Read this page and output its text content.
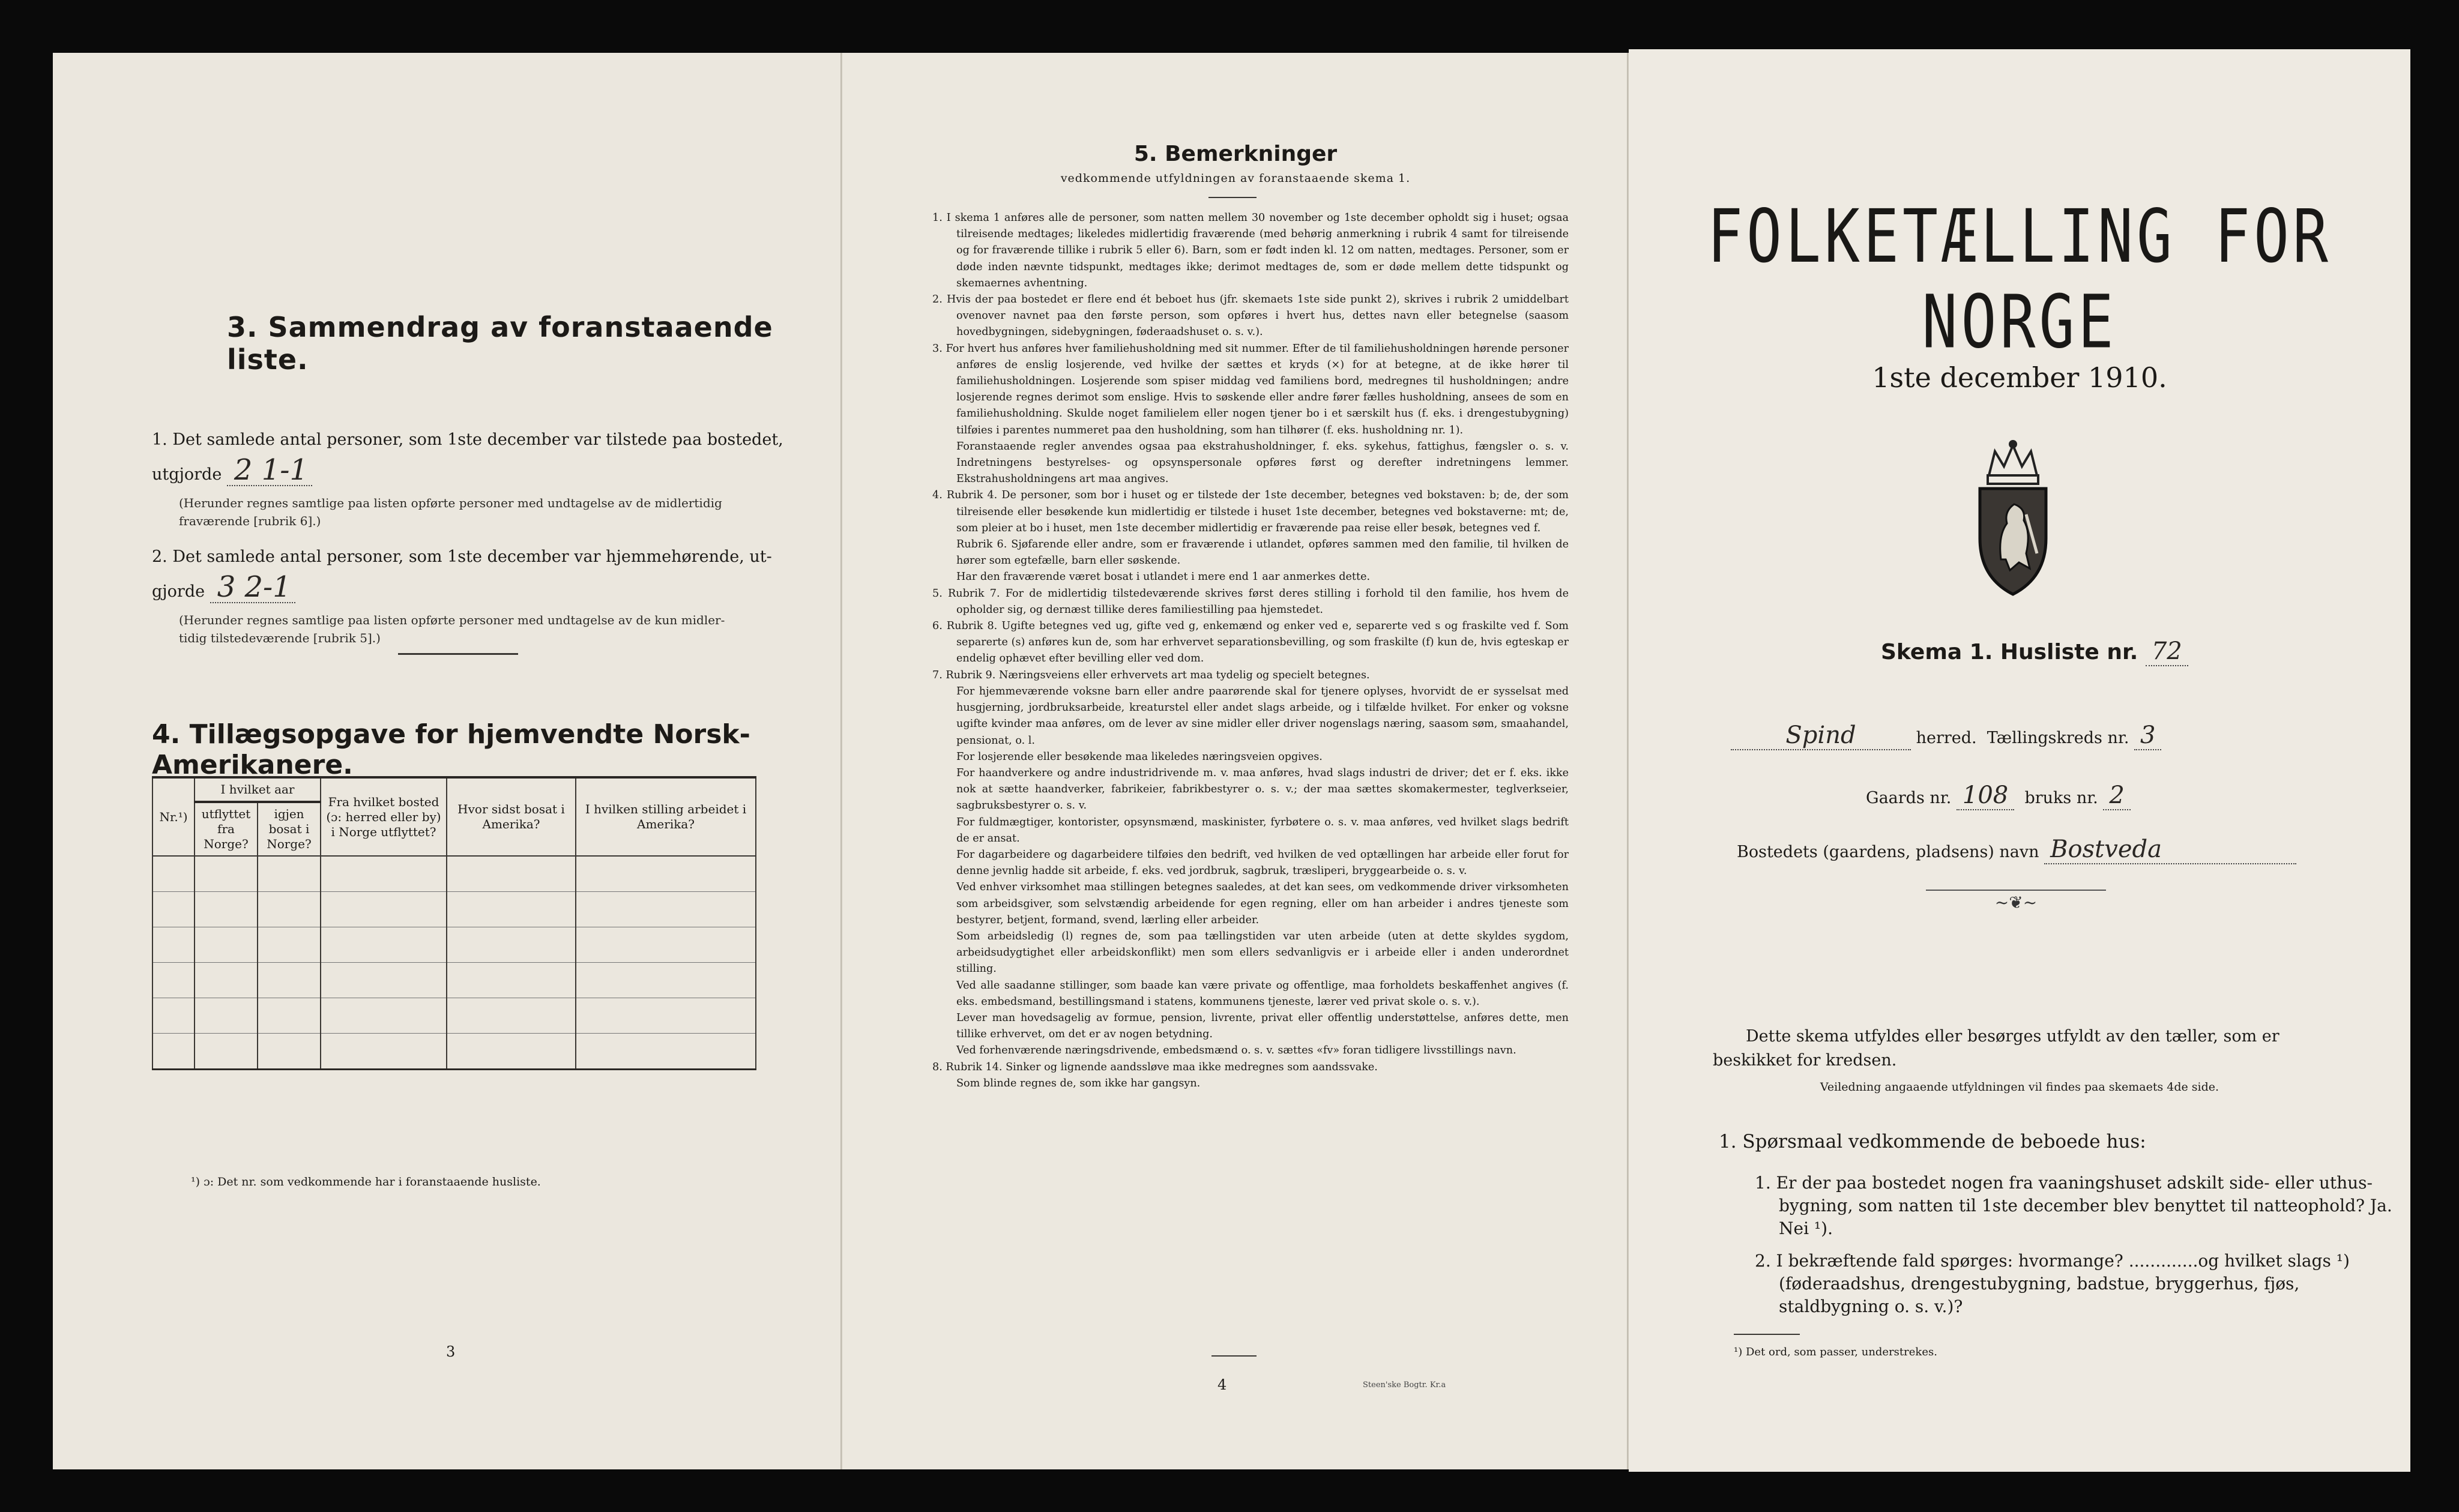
3. Sammendrag av foranstaaende liste.
1. Det samlede antal personer, som 1ste december var tilstede paa bostedet,
utgjorde 2 1-1
(Herunder regnes samtlige paa listen opførte personer med undtagelse av de midlertidig
fraværende [rubrik 6].)
2. Det samlede antal personer, som 1ste december var hjemmehørende, ut-
gjorde 3 2-1
(Herunder regnes samtlige paa listen opførte personer med undtagelse av de kun midler-
tidig tilstedeværende [rubrik 5].)
4. Tillægsopgave for hjemvendte Norsk-Amerikanere.
Nr.¹)	I hvilket aar		Fra hvilket bosted (ɔ: herred eller by) i Norge utflyttet?	Hvor sidst bosat i Amerika?	I hvilken stilling arbeidet i Amerika?
	utflyttet fra Norge?	igjen bosat i Norge?			

¹) ɔ: Det nr. som vedkommende har i foranstaaende husliste.
3
5. Bemerkninger
vedkommende utfyldningen av foranstaaende skema 1.

1. I skema 1 anføres alle de personer, som natten mellem 30 november og 1ste december opholdt sig i huset; ogsaa tilreisende medtages; likeledes midlertidig fraværende (med behørig anmerkning i rubrik 4 samt for tilreisende og for fraværende tillike i rubrik 5 eller 6). Barn, som er født inden kl. 12 om natten, medtages. Personer, som er døde inden nævnte tidspunkt, medtages ikke; derimot medtages de, som er døde mellem dette tidspunkt og skemaernes avhentning.

2. Hvis der paa bostedet er flere end ét beboet hus (jfr. skemaets 1ste side punkt 2), skrives i rubrik 2 umiddelbart ovenover navnet paa den første person, som opføres i hvert hus, dettes navn eller betegnelse (saasom hovedbygningen, sidebygningen, føderaadshuset o. s. v.).

3. For hvert hus anføres hver familiehusholdning med sit nummer. Efter de til familiehusholdningen hørende personer anføres de enslig losjerende, ved hvilke der sættes et kryds (×) for at betegne, at de ikke hører til familiehusholdningen. Losjerende som spiser middag ved familiens bord, medregnes til husholdningen; andre losjerende regnes derimot som enslige. Hvis to søskende eller andre fører fælles husholdning, ansees de som en familiehusholdning. Skulde noget familielem eller nogen tjener bo i et særskilt hus (f. eks. i drengestubygning) tilføies i parentes nummeret paa den husholdning, som han tilhører (f. eks. husholdning nr. 1).

Foranstaaende regler anvendes ogsaa paa ekstrahusholdninger, f. eks. sykehus, fattighus, fængsler o. s. v. Indretningens bestyrelses- og opsynspersonale opføres først og derefter indretningens lemmer. Ekstrahusholdningens art maa angives.

4. Rubrik 4. De personer, som bor i huset og er tilstede der 1ste december, betegnes ved bokstaven: b; de, der som tilreisende eller besøkende kun midlertidig er tilstede i huset 1ste december, betegnes ved bokstaverne: mt; de, som pleier at bo i huset, men 1ste december midlertidig er fraværende paa reise eller besøk, betegnes ved f.

Rubrik 6. Sjøfarende eller andre, som er fraværende i utlandet, opføres sammen med den familie, til hvilken de hører som egtefælle, barn eller søskende.

Har den fraværende været bosat i utlandet i mere end 1 aar anmerkes dette.

5. Rubrik 7. For de midlertidig tilstedeværende skrives først deres stilling i forhold til den familie, hos hvem de opholder sig, og dernæst tillike deres familiestilling paa hjemstedet.

6. Rubrik 8. Ugifte betegnes ved ug, gifte ved g, enkemænd og enker ved e, separerte ved s og fraskilte ved f. Som separerte (s) anføres kun de, som har erhvervet separationsbevilling, og som fraskilte (f) kun de, hvis egteskap er endelig ophævet efter bevilling eller ved dom.

7. Rubrik 9. Næringsveiens eller erhvervets art maa tydelig og specielt betegnes.

For hjemmeværende voksne barn eller andre paarørende skal for tjenere oplyses, hvorvidt de er sysselsat med husgjerning, jordbruksarbeide, kreaturstel eller andet slags arbeide, og i tilfælde hvilket. For enker og voksne ugifte kvinder maa anføres, om de lever av sine midler eller driver nogenslags næring, saasom søm, smaahandel, pensionat, o. l.

For losjerende eller besøkende maa likeledes næringsveien opgives.

For haandverkere og andre industridrivende m. v. maa anføres, hvad slags industri de driver; det er f. eks. ikke nok at sætte haandverker, fabrikeier, fabrikbestyrer o. s. v.; der maa sættes skomakermester, teglverkseier, sagbruksbestyrer o. s. v.

For fuldmægtiger, kontorister, opsynsmænd, maskinister, fyrbøtere o. s. v. maa anføres, ved hvilket slags bedrift de er ansat.

For dagarbeidere og dagarbeidere tilføies den bedrift, ved hvilken de ved optællingen har arbeide eller forut for denne jevnlig hadde sit arbeide, f. eks. ved jordbruk, sagbruk, træsliperi, bryggearbeide o. s. v.

Ved enhver virksomhet maa stillingen betegnes saaledes, at det kan sees, om vedkommende driver virksomheten som arbeidsgiver, som selvstændig arbeidende for egen regning, eller om han arbeider i andres tjeneste som bestyrer, betjent, formand, svend, lærling eller arbeider.

Som arbeidsledig (l) regnes de, som paa tællingstiden var uten arbeide (uten at dette skyldes sygdom, arbeidsudygtighet eller arbeidskonflikt) men som ellers sedvanligvis er i arbeide eller i anden underordnet stilling.

Ved alle saadanne stillinger, som baade kan være private og offentlige, maa forholdets beskaffenhet angives (f. eks. embedsmand, bestillingsmand i statens, kommunens tjeneste, lærer ved privat skole o. s. v.).

Lever man hovedsagelig av formue, pension, livrente, privat eller offentlig understøttelse, anføres dette, men tillike erhvervet, om det er av nogen betydning.

Ved forhenværende næringsdrivende, embedsmænd o. s. v. sættes «fv» foran tidligere livsstillings navn.

8. Rubrik 14. Sinker og lignende aandssløve maa ikke medregnes som aandssvake.

Som blinde regnes de, som ikke har gangsyn.

4	Steen'ske Bogtr. Kr.a
FOLKETÆLLING FOR NORGE
1ste december 1910.
Skema 1. Husliste nr. 72
Spind	herred. Tællingskreds nr. 3
Gaards nr. 108 bruks nr. 2
Bostedets (gaardens, pladsens) navn Bostveda
~❦~
Dette skema utfyldes eller besørges utfyldt av den tæller, som er
beskikket for kredsen.
Veiledning angaaende utfyldningen vil findes paa skemaets 4de side.
1. Spørsmaal vedkommende de beboede hus:
1. Er der paa bostedet nogen fra vaaningshuset adskilt side- eller uthus-bygning, som natten til 1ste december blev benyttet til natteophold? Ja. Nei ¹).
2. I bekræftende fald spørges: hvormange? .............og hvilket slags ¹) (føderaadshus, drengestubygning, badstue, bryggerhus, fjøs, staldbygning o. s. v.)?
¹) Det ord, som passer, understrekes.
